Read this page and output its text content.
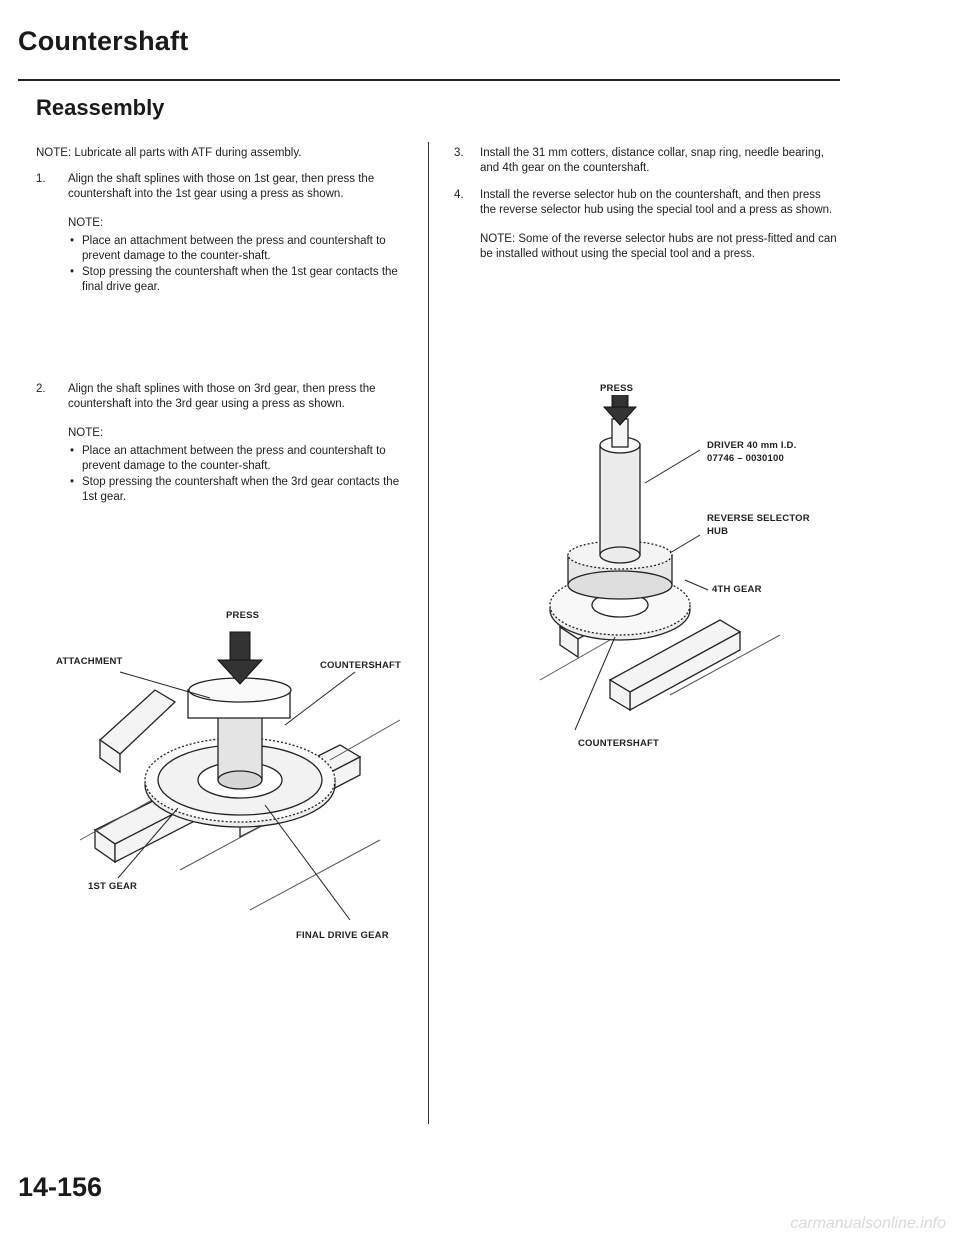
Countershaft
Reassembly
NOTE: Lubricate all parts with ATF during assembly.
1. Align the shaft splines with those on 1st gear, then press the countershaft into the 1st gear using a press as shown.
NOTE:
• Place an attachment between the press and countershaft to prevent damage to the counter-shaft.
• Stop pressing the countershaft when the 1st gear contacts the final drive gear.
2. Align the shaft splines with those on 3rd gear, then press the countershaft into the 3rd gear using a press as shown.
NOTE:
• Place an attachment between the press and countershaft to prevent damage to the counter-shaft.
• Stop pressing the countershaft when the 3rd gear contacts the 1st gear.
PRESS
ATTACHMENT	COUNTERSHAFT
1ST GEAR
FINAL DRIVE GEAR
3. Install the 31 mm cotters, distance collar, snap ring, needle bearing, and 4th gear on the countershaft.
4. Install the reverse selector hub on the countershaft, and then press the reverse selector hub using the special tool and a press as shown.
NOTE: Some of the reverse selector hubs are not press-fitted and can be installed without using the special tool and a press.
PRESS
DRIVER 40 mm I.D.
07746 – 0030100
REVERSE SELECTOR
HUB
4TH GEAR
COUNTERSHAFT
14-156
carmanualsonline.info
